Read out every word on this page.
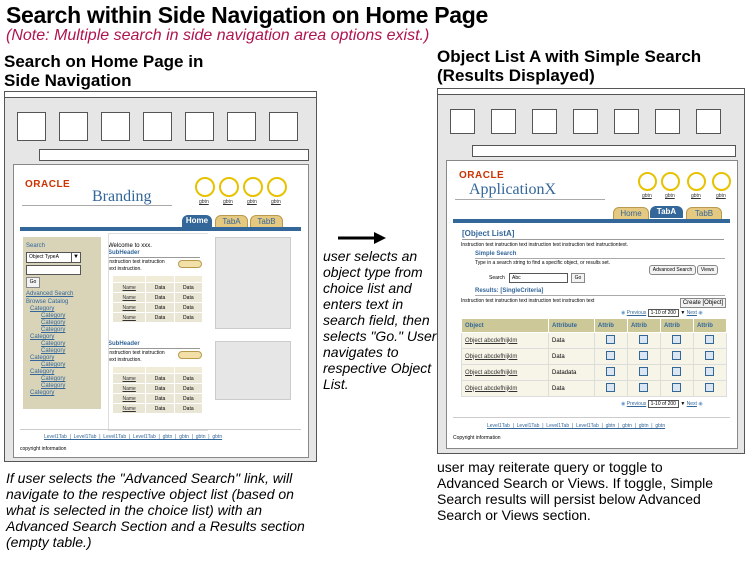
Search within Side Navigation on Home Page
(Note: Multiple search in side navigation area options exist.)
Search on Home Page in
Side Navigation
Object List A with Simple Search
(Results Displayed)
ORACLE
Branding	gbtn	gbtn	gbtn	gbtn
Home	TabA	TabB
Search
Object TypeA	▼
Go
Advanced Search
Browse Catalog
Category
Category
Category
Category
Category
Category
Category
Category
Category
Category
Category
Category
Category
Welcome to xxx.
SubHeader
Instruction text instruction
text instruction.

Name	Data	Data
Name	Data	Data
Name	Data	Data
Name	Data	Data
SubHeader
Instruction text instruction
text instruction.

Name	Data	Data
Name	Data	Data
Name	Data	Data
Name	Data	Data
Level1Tab  |  Level1Tab  |  Level1Tab  |  Level1Tab  |  gbtn  |  gbtn  |  gbtn  |  gbtn
copyright information
user selects an object type from choice list and enters text in search field, then selects "Go." User navigates to respective Object List.
If user selects the "Advanced Search" link, will navigate to the respective object list (based on what is selected in the choice list) with an Advanced Search Section and a Results section (empty table.)
ORACLE
ApplicationX	gbtn	gbtn	gbtn	gbtn
Home	TabA	TabB
[Object ListA]
Instruction text instruction text instruction text instruction text instructiontext.
Simple Search
Type in a search string to find a specific object, or results set.
Advanced Search	Views
Search	Abc	Go
Results: [SingleCriteria]
Instruction text instruction text instruction text instruction text	Create [Object]
◉ Previous 1-10 of 200 ▼ Next ◉
Object	Attribute	Attrib	Attrib	Attrib	Attrib
Object abcdefhijklm	Data				
Object abcdefhijklm	Data				
Object abcdefhijklm	Datadata				
Object abcdefhijklm	Data				
◉ Previous 1-10 of 200 ▼ Next ◉
Level1Tab  |  Level1Tab  |  Level1Tab  |  Level1Tab  |  gbtn  |  gbtn  |  gbtn  |  gbtn
Copyright information
user may reiterate query or toggle to Advanced Search or Views. If toggle, Simple Search results will persist below Advanced Search or Views section.
